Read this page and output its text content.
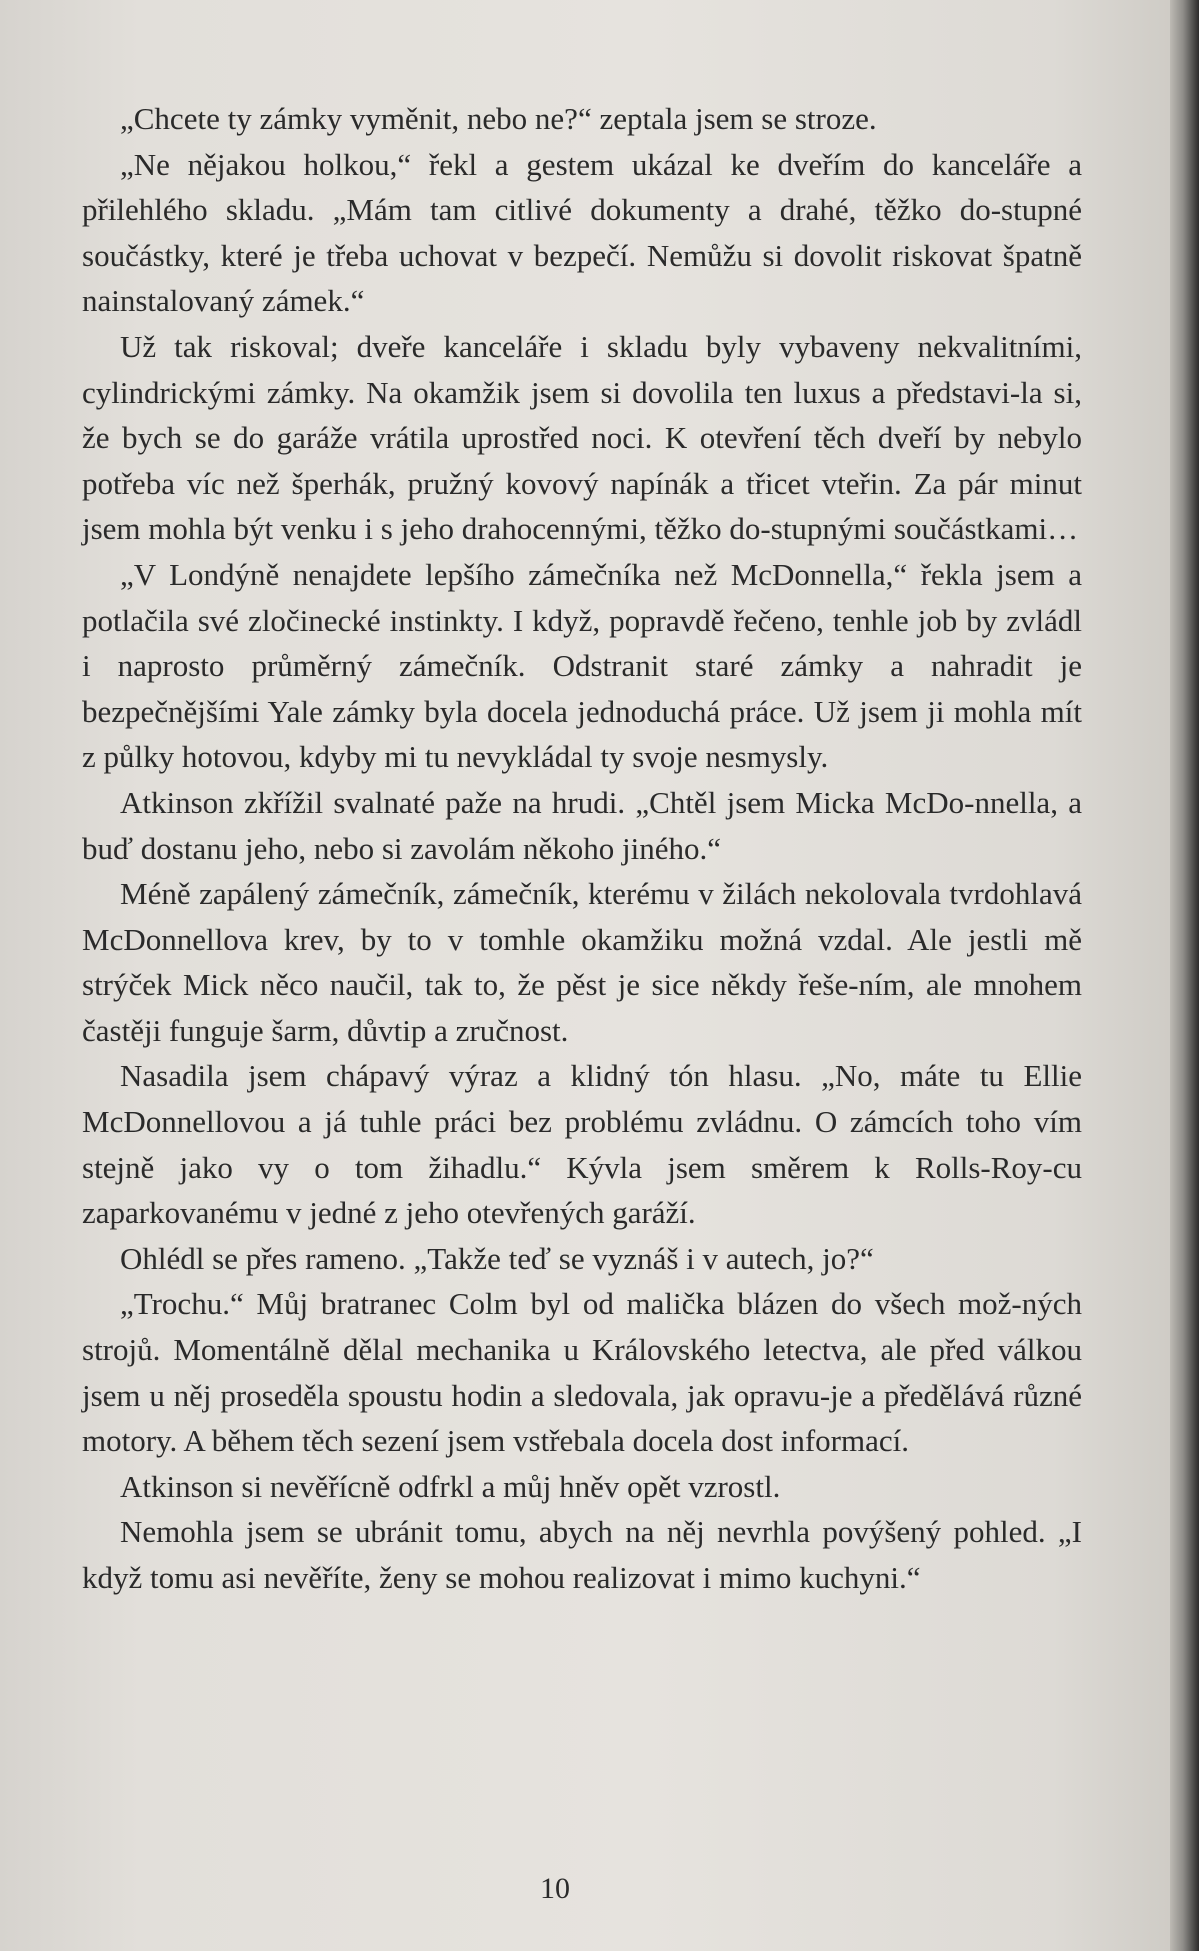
„Chcete ty zámky vyměnit, nebo ne?“ zeptala jsem se stroze.

„Ne nějakou holkou,“ řekl a gestem ukázal ke dveřím do kanceláře a přilehlého skladu. „Mám tam citlivé dokumenty a drahé, těžko do-stupné součástky, které je třeba uchovat v bezpečí. Nemůžu si dovolit riskovat špatně nainstalovaný zámek.“

Už tak riskoval; dveře kanceláře i skladu byly vybaveny nekvalitními, cylindrickými zámky. Na okamžik jsem si dovolila ten luxus a představi-la si, že bych se do garáže vrátila uprostřed noci. K otevření těch dveří by nebylo potřeba víc než šperhák, pružný kovový napínák a třicet vteřin. Za pár minut jsem mohla být venku i s jeho drahocennými, těžko do-stupnými součástkami…

„V Londýně nenajdete lepšího zámečníka než McDonnella,“ řekla jsem a potlačila své zločinecké instinkty. I když, popravdě řečeno, tenhle job by zvládl i naprosto průměrný zámečník. Odstranit staré zámky a nahradit je bezpečnějšími Yale zámky byla docela jednoduchá práce. Už jsem ji mohla mít z půlky hotovou, kdyby mi tu nevykládal ty svoje nesmysly.

Atkinson zkřížil svalnaté paže na hrudi. „Chtěl jsem Micka McDo-nnella, a buď dostanu jeho, nebo si zavolám někoho jiného.“

Méně zapálený zámečník, zámečník, kterému v žilách nekolovala tvrdohlavá McDonnellova krev, by to v tomhle okamžiku možná vzdal. Ale jestli mě strýček Mick něco naučil, tak to, že pěst je sice někdy řeše-ním, ale mnohem častěji funguje šarm, důvtip a zručnost.

Nasadila jsem chápavý výraz a klidný tón hlasu. „No, máte tu Ellie McDonnellovou a já tuhle práci bez problému zvládnu. O zámcích toho vím stejně jako vy o tom žihadlu.“ Kývla jsem směrem k Rolls-Roy-cu zaparkovanému v jedné z jeho otevřených garáží.

Ohlédl se přes rameno. „Takže teď se vyznáš i v autech, jo?“

„Trochu.“ Můj bratranec Colm byl od malička blázen do všech mož-ných strojů. Momentálně dělal mechanika u Královského letectva, ale před válkou jsem u něj proseděla spoustu hodin a sledovala, jak opravu-je a předělává různé motory. A během těch sezení jsem vstřebala docela dost informací.

Atkinson si nevěřícně odfrkl a můj hněv opět vzrostl.

Nemohla jsem se ubránit tomu, abych na něj nevrhla povýšený pohled. „I když tomu asi nevěříte, ženy se mohou realizovat i mimo kuchyni.“

10
